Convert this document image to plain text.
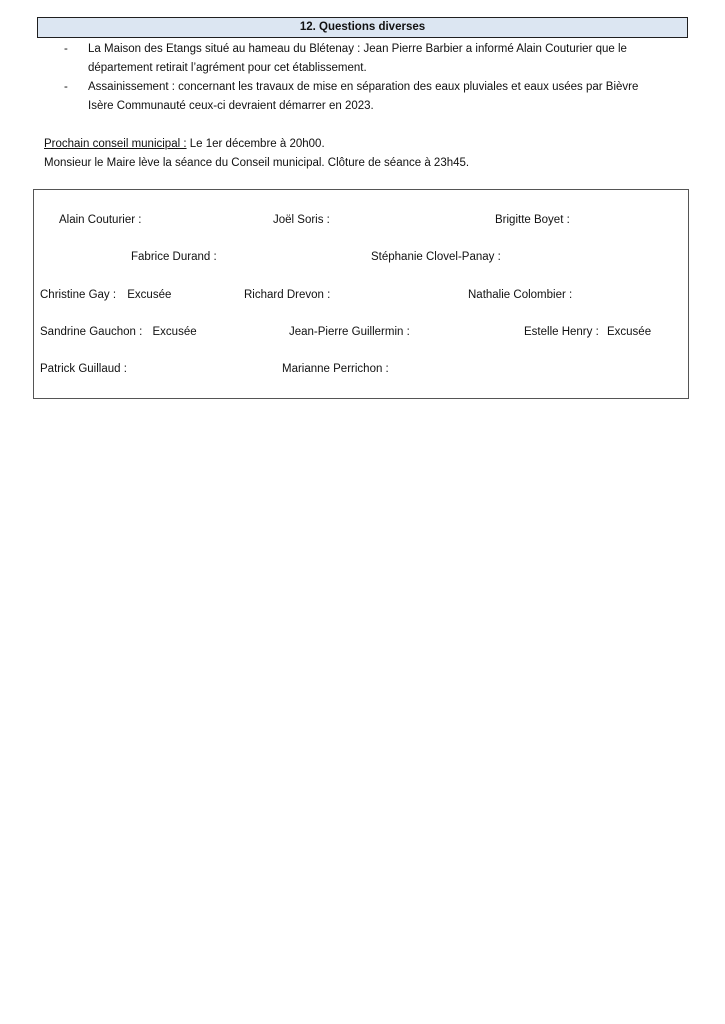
12. Questions diverses
- La Maison des Etangs situé au hameau du Blétenay : Jean Pierre Barbier a informé Alain Couturier que le
département retirait l’agrément pour cet établissement.
- Assainissement : concernant les travaux de mise en séparation des eaux pluviales et eaux usées par Bièvre
Isère Communauté ceux-ci devraient démarrer en 2023.
Prochain conseil municipal : Le 1er décembre à 20h00.
Monsieur le Maire lève la séance du Conseil municipal. Clôture de séance à 23h45.
Alain Couturier :	Joël Soris :	Brigitte Boyet :
Fabrice Durand :	Stéphanie Clovel-Panay :
Christine Gay : Excusée	Richard Drevon :	Nathalie Colombier :
Sandrine Gauchon : Excusée	Jean-Pierre Guillermin :	Estelle Henry : Excusée
Patrick Guillaud :	Marianne Perrichon :
